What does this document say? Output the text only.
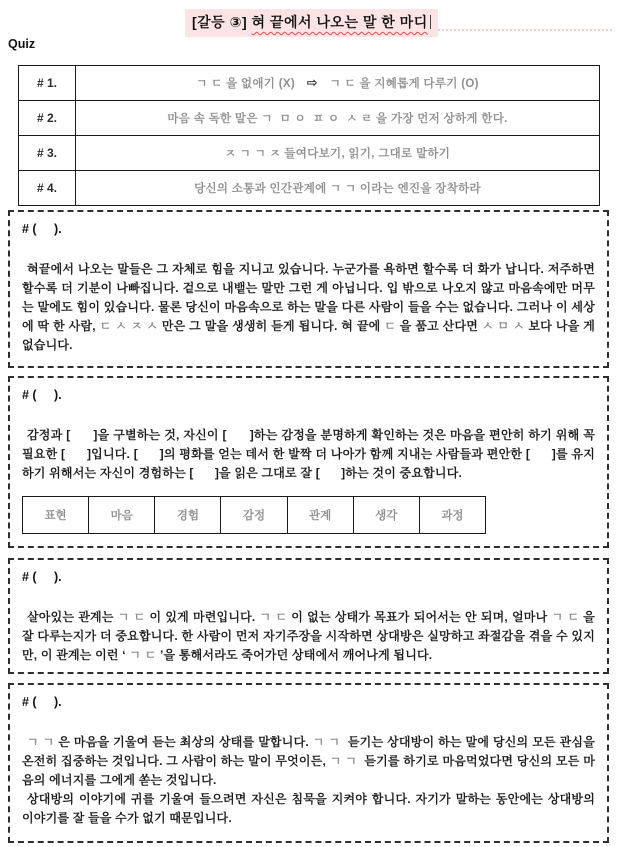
[갈등 ③] 혀 끝에서 나오는 말 한 마디
Quiz
# 1.	ㄱ ㄷ 을 없애기 (X)   ⇨   ㄱ ㄷ 을 지혜롭게 다루기 (O)
# 2.	마음 속 독한 말은 ㄱ  ㅁ ㅇ  ㅍ ㅇ  ㅅ ㄹ 을 가장 먼저 상하게 한다.
# 3.	ㅈ ㄱ ㄱ ㅈ 들여다보기, 읽기, 그대로 말하기
# 4.	당신의 소통과 인간관계에 ㄱ ㄱ 이라는 엔진을 장착하라
# (     ).

혀끝에서 나오는 말들은 그 자체로 힘을 지니고 있습니다. 누군가를 욕하면 할수록 더 화가 납니다. 저주하면 할수록 더 기분이 나빠집니다. 겉으로 내뱉는 말만 그런 게 아닙니다. 입 밖으로 나오지 않고 마음속에만 머무는 말에도 힘이 있습니다. 물론 당신이 마음속으로 하는 말을 다른 사람이 들을 수는 없습니다. 그러나 이 세상에 딱 한 사람, ㄷ ㅅ ㅈ ㅅ 만은 그 말을 생생히 듣게 됩니다. 혀 끝에 ㄷ 을 품고 산다면 ㅅ ㅁ ㅅ 보다 나을 게 없습니다.

# (     ).

감정과 [      ]을 구별하는 것, 자신이 [      ]하는 감정을 분명하게 확인하는 것은 마음을 편안히 하기 위해 꼭 필요한 [      ]입니다. [      ]의 평화를 얻는 데서 한 발짝 더 나아가 함께 지내는 사람들과 편안한 [      ]를 유지하기 위해서는 자신이 경험하는 [      ]을 읽은 그대로 잘 [      ]하는 것이 중요합니다.

표현	마음	경험	감정	관계	생각	과정
# (     ).

살아있는 관계는 ㄱ ㄷ 이 있게 마련입니다. ㄱ ㄷ 이 없는 상태가 목표가 되어서는 안 되며, 얼마나 ㄱ ㄷ 을 잘 다루는지가 더 중요합니다. 한 사람이 먼저 자기주장을 시작하면 상대방은 실망하고 좌절감을 겪을 수 있지만, 이 관계는 이런 ‘ ㄱ ㄷ ’을 통해서라도 죽어가던 상태에서 깨어나게 됩니다.

# (     ).

ㄱ ㄱ 은 마음을 기울여 듣는 최상의 상태를 말합니다. ㄱ ㄱ  듣기는 상대방이 하는 말에 당신의 모든 관심을 온전히 집중하는 것입니다. 그 사람이 하는 말이 무엇이든, ㄱ ㄱ  듣기를 하기로 마음먹었다면 당신의 모든 마음의 에너지를 그에게 쏟는 것입니다.

상대방의 이야기에 귀를 기울여 들으려면 자신은 침묵을 지켜야 합니다. 자기가 말하는 동안에는 상대방의 이야기를 잘 들을 수가 없기 때문입니다.
